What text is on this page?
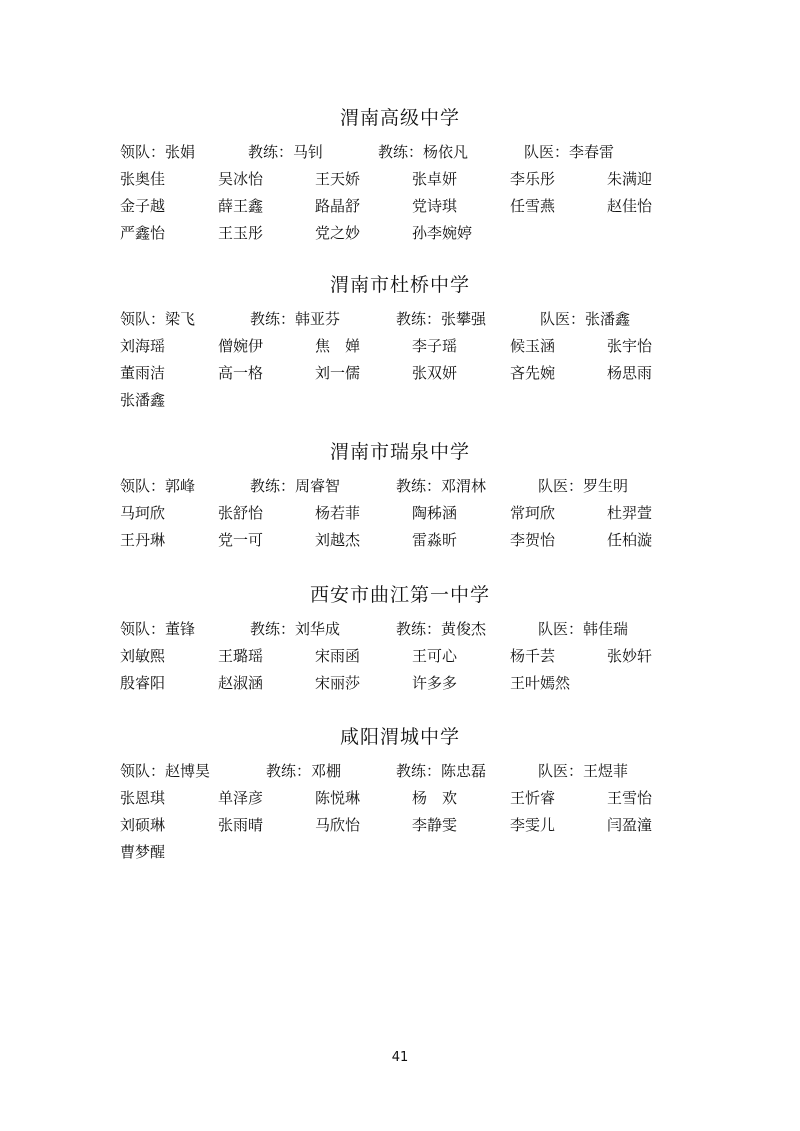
渭南高级中学
领队：张娟	教练：马钊	教练：杨依凡	队医：李春雷
张奥佳	吴冰怡	王天娇	张卓妍	李乐彤	朱满迎
金子越	薛王鑫	路晶舒	党诗琪	任雪燕	赵佳怡
严鑫怡	王玉彤	党之妙	孙李婉婷
渭南市杜桥中学
领队：梁飞	教练：韩亚芬	教练：张攀强	队医：张潘鑫
刘海瑶	僧婉伊	焦　婵	李子瑶	候玉涵	张宇怡
董雨洁	高一格	刘一儒	张双妍	吝先婉	杨思雨
张潘鑫
渭南市瑞泉中学
领队：郭峰	教练：周睿智	教练：邓渭林	队医：罗生明
马珂欣	张舒怡	杨若菲	陶秭涵	常珂欣	杜羿萱
王丹琳	党一可	刘越杰	雷淼昕	李贺怡	任柏漩
西安市曲江第一中学
领队：董锋	教练：刘华成	教练：黄俊杰	队医：韩佳瑞
刘敏熙	王璐瑶	宋雨函	王可心	杨千芸	张妙轩
殷睿阳	赵淑涵	宋丽莎	许多多	王叶嫣然
咸阳渭城中学
领队：赵博昊	教练：邓棚	教练：陈忠磊	队医：王煜菲
张恩琪	单泽彦	陈悦琳	杨　欢	王忻睿	王雪怡
刘硕琳	张雨晴	马欣怡	李静雯	李雯儿	闫盈潼
曹梦醒
41
